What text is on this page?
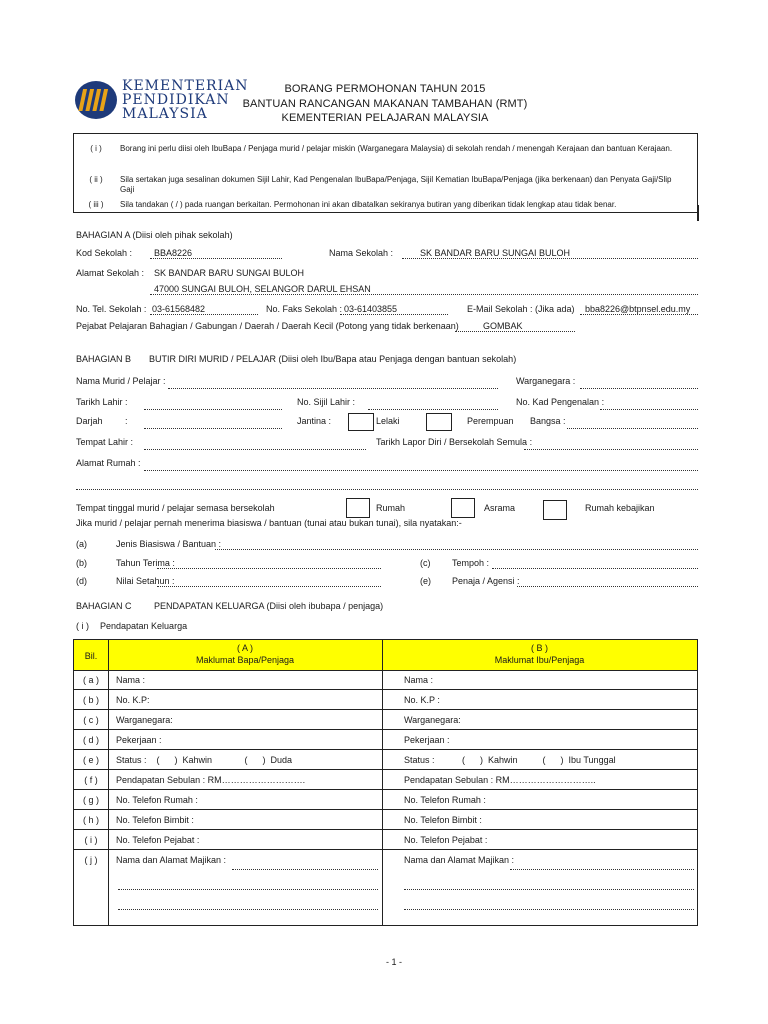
KEMENTERIAN
PENDIDIKAN
MALAYSIA
BORANG PERMOHONAN TAHUN 2015
BANTUAN RANCANGAN MAKANAN TAMBAHAN (RMT)
KEMENTERIAN PELAJARAN MALAYSIA
( i )	Borang ini perlu diisi oleh IbuBapa / Penjaga murid / pelajar miskin (Warganegara Malaysia) di sekolah rendah / menengah Kerajaan dan bantuan Kerajaan.
( ii )	Sila sertakan juga sesalinan dokumen Sijil Lahir, Kad Pengenalan IbuBapa/Penjaga, Sijil Kematian IbuBapa/Penjaga (jika berkenaan) dan Penyata Gaji/Slip Gaji
( iii )	Sila tandakan ( / ) pada ruangan berkaitan. Permohonan ini akan dibatalkan sekiranya butiran yang diberikan tidak lengkap atau tidak benar.
BAHAGIAN A (Diisi oleh pihak sekolah)
Kod Sekolah : BBA8226	Nama Sekolah :	SK BANDAR BARU SUNGAI BULOH
Alamat Sekolah : SK BANDAR BARU SUNGAI BULOH
47000 SUNGAI BULOH, SELANGOR DARUL EHSAN
No. Tel. Sekolah : 03-61568482	No. Faks Sekolah : 03-61403855	E-Mail Sekolah : (Jika ada) bba8226@btpnsel.edu.my
Pejabat Pelajaran Bahagian / Gabungan / Daerah / Daerah Kecil (Potong yang tidak berkenaan)	GOMBAK
BAHAGIAN B BUTIR DIRI MURID / PELAJAR (Diisi oleh Ibu/Bapa atau Penjaga dengan bantuan sekolah)
Nama Murid / Pelajar :	Warganegara :
Tarikh Lahir :	No. Sijil Lahir :	No. Kad Pengenalan :
Darjah :	Jantina :	Lelaki	Perempuan Bangsa :
Tempat Lahir :	Tarikh Lapor Diri / Bersekolah Semula :
Alamat Rumah :
Tempat tinggal murid / pelajar semasa bersekolah	Rumah	Asrama	Rumah kebajikan
Jika murid / pelajar pernah menerima biasiswa / bantuan (tunai atau bukan tunai), sila nyatakan:-
(a)	Jenis Biasiswa / Bantuan :
(b)	Tahun Terima :	(c) Tempoh :
(d)	Nilai Setahun :	(e) Penaja / Agensi :
BAHAGIAN C PENDAPATAN KELUARGA (Diisi oleh ibubapa / penjaga)
( i ) Pendapatan Keluarga
Bil.
( A )
Maklumat Bapa/Penjaga
( B )
Maklumat Ibu/Penjaga
( a )	Nama :	Nama :
( b )	No. K.P:	No. K.P :
( c )	Warganegara:	Warganegara:
( d )	Pekerjaan :	Pekerjaan :
( e )	Status :    (      )  Kahwin             (      )  Duda	Status :           (      )  Kahwin          (      )  Ibu Tunggal
( f )	Pendapatan Sebulan : RM……………………….	Pendapatan Sebulan : RM………………………..
( g )	No. Telefon Rumah :	No. Telefon Rumah :
( h )	No. Telefon Bimbit :	No. Telefon Bimbit :
( i )	No. Telefon Pejabat :	No. Telefon Pejabat :
( j )	Nama dan Alamat Majikan :	Nama dan Alamat Majikan :
- 1 -
